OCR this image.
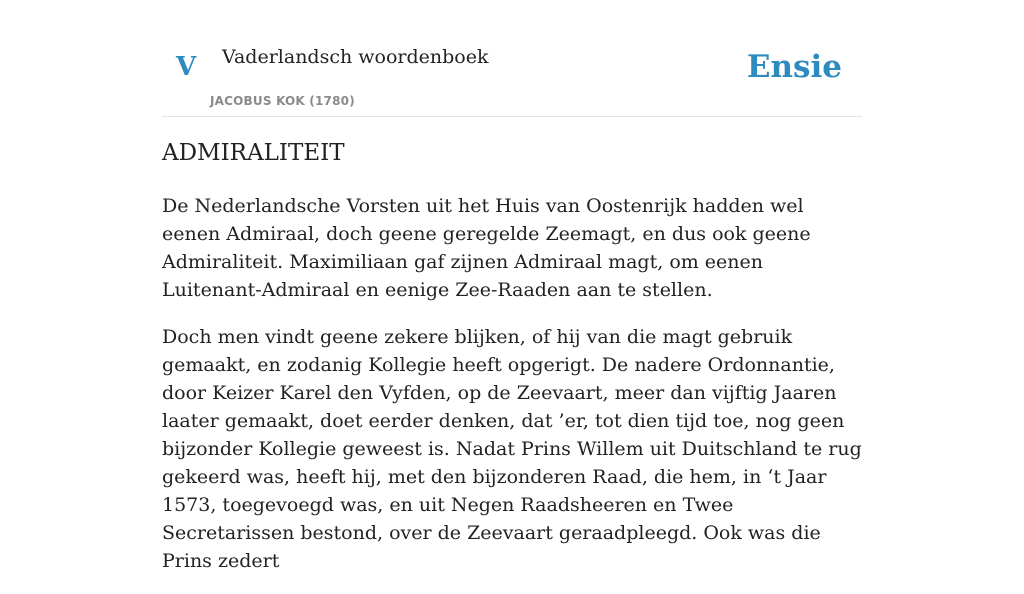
V Vaderlandsch woordenboek
JACOBUS KOK (1780)
Ensie
ADMIRALITEIT

De Nederlandsche Vorsten uit het Huis van Oostenrijk hadden wel eenen Admiraal, doch geene geregelde Zeemagt, en dus ook geene Admiraliteit. Maximiliaan gaf zijnen Admiraal magt, om eenen Luitenant-Admiraal en eenige Zee-Raaden aan te stellen.

Doch men vindt geene zekere blijken, of hij van die magt gebruik gemaakt, en zodanig Kollegie heeft opgerigt. De nadere Ordonnantie, door Keizer Karel den Vyfden, op de Zeevaart, meer dan vijftig Jaaren laater gemaakt, doet eerder denken, dat ’er, tot dien tijd toe, nog geen bijzonder Kollegie geweest is. Nadat Prins Willem uit Duitschland te rug gekeerd was, heeft hij, met den bijzonderen Raad, die hem, in ‘t Jaar 1573, toegevoegd was, en uit Negen Raadsheeren en Twee Secretarissen bestond, over de Zeevaart geraadpleegd. Ook was die Prins zedert
